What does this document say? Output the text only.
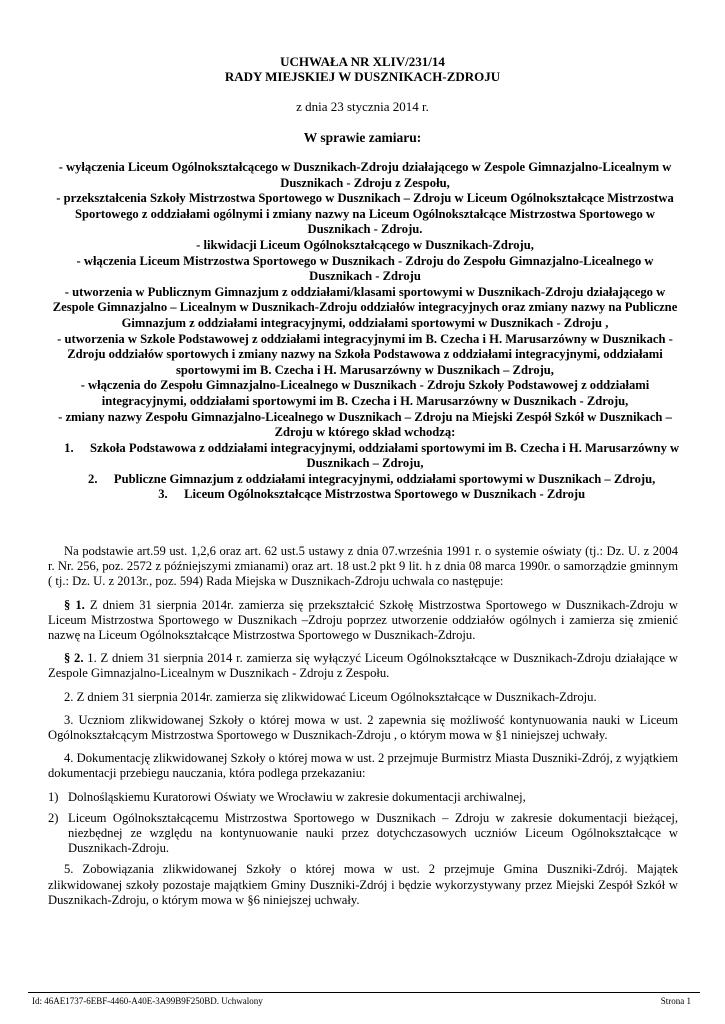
UCHWAŁA NR XLIV/231/14
RADY MIEJSKIEJ W DUSZNIKACH-ZDROJU
z dnia 23 stycznia 2014 r.
W sprawie zamiaru:

- wyłączenia Liceum Ogólnokształcącego w Dusznikach-Zdroju działającego w Zespole Gimnazjalno-Licealnym w Dusznikach - Zdroju z Zespołu,

- przekształcenia Szkoły Mistrzostwa Sportowego w Dusznikach – Zdroju w Liceum Ogólnokształcące Mistrzostwa Sportowego z oddziałami ogólnymi i zmiany nazwy na Liceum Ogólnokształcące Mistrzostwa Sportowego w Dusznikach - Zdroju.

- likwidacji Liceum Ogólnokształcącego w Dusznikach-Zdroju,

- włączenia Liceum Mistrzostwa Sportowego w Dusznikach - Zdroju do Zespołu Gimnazjalno-Licealnego w Dusznikach - Zdroju

- utworzenia w Publicznym Gimnazjum z oddziałami/klasami sportowymi w Dusznikach-Zdroju działającego w Zespole Gimnazjalno – Licealnym w Dusznikach-Zdroju oddziałów integracyjnych oraz zmiany nazwy na Publiczne Gimnazjum z oddziałami integracyjnymi, oddziałami sportowymi w Dusznikach - Zdroju ,

- utworzenia w Szkole Podstawowej z oddziałami integracyjnymi im B. Czecha i H. Marusarzówny w Dusznikach - Zdroju oddziałów sportowych i zmiany nazwy na Szkoła Podstawowa z oddziałami integracyjnymi, oddziałami sportowymi im B. Czecha i H. Marusarzówny w Dusznikach – Zdroju,

- włączenia do Zespołu Gimnazjalno-Licealnego w Dusznikach - Zdroju Szkoły Podstawowej z oddziałami integracyjnymi, oddziałami sportowymi im B. Czecha i H. Marusarzówny w Dusznikach - Zdroju,

- zmiany nazwy Zespołu Gimnazjalno-Licealnego w Dusznikach – Zdroju na Miejski Zespół Szkół w Dusznikach – Zdroju w którego skład wchodzą:

1. Szkoła Podstawowa z oddziałami integracyjnymi, oddziałami sportowymi im B. Czecha i H. Marusarzówny w Dusznikach – Zdroju,

2. Publiczne Gimnazjum z oddziałami integracyjnymi, oddziałami sportowymi w Dusznikach – Zdroju,

3. Liceum Ogólnokształcące Mistrzostwa Sportowego w Dusznikach - Zdroju

Na podstawie art.59 ust. 1,2,6 oraz art. 62 ust.5 ustawy z dnia 07.września 1991 r. o systemie oświaty (tj.: Dz. U. z 2004 r. Nr. 256, poz. 2572 z późniejszymi zmianami) oraz art. 18 ust.2 pkt 9 lit. h z dnia 08 marca 1990r. o samorządzie gminnym ( tj.: Dz. U. z 2013r., poz. 594) Rada Miejska w Dusznikach-Zdroju uchwala co następuje:

§ 1. Z dniem 31 sierpnia 2014r. zamierza się przekształcić Szkołę Mistrzostwa Sportowego w Dusznikach-Zdroju w Liceum Mistrzostwa Sportowego w Dusznikach –Zdroju poprzez utworzenie oddziałów ogólnych i zamierza się zmienić nazwę na Liceum Ogólnokształcące Mistrzostwa Sportowego w Dusznikach-Zdroju.

§ 2. 1. Z dniem 31 sierpnia 2014 r. zamierza się wyłączyć Liceum Ogólnokształcące w Dusznikach-Zdroju działające w Zespole Gimnazjalno-Licealnym w Dusznikach - Zdroju z Zespołu.

2. Z dniem 31 sierpnia 2014r. zamierza się zlikwidować Liceum Ogólnokształcące w Dusznikach-Zdroju.

3. Uczniom zlikwidowanej Szkoły o której mowa w ust. 2 zapewnia się możliwość kontynuowania nauki w Liceum Ogólnokształcącym Mistrzostwa Sportowego w Dusznikach-Zdroju , o którym mowa w §1 niniejszej uchwały.

4. Dokumentację zlikwidowanej Szkoły o której mowa w ust. 2 przejmuje Burmistrz Miasta Duszniki-Zdrój, z wyjątkiem dokumentacji przebiegu nauczania, która podlega przekazaniu:

1) Dolnośląskiemu Kuratorowi Oświaty we Wrocławiu w zakresie dokumentacji archiwalnej,

2) Liceum Ogólnokształcącemu Mistrzostwa Sportowego w Dusznikach – Zdroju w zakresie dokumentacji bieżącej, niezbędnej ze względu na kontynuowanie nauki przez dotychczasowych uczniów Liceum Ogólnokształcące w Dusznikach-Zdroju.

5. Zobowiązania zlikwidowanej Szkoły o której mowa w ust. 2 przejmuje Gmina Duszniki-Zdrój. Majątek zlikwidowanej szkoły pozostaje majątkiem Gminy Duszniki-Zdrój i będzie wykorzystywany przez Miejski Zespół Szkół w Dusznikach-Zdroju, o którym mowa w §6 niniejszej uchwały.

Id: 46AE1737-6EBF-4460-A40E-3A99B9F250BD. Uchwalony	Strona 1
